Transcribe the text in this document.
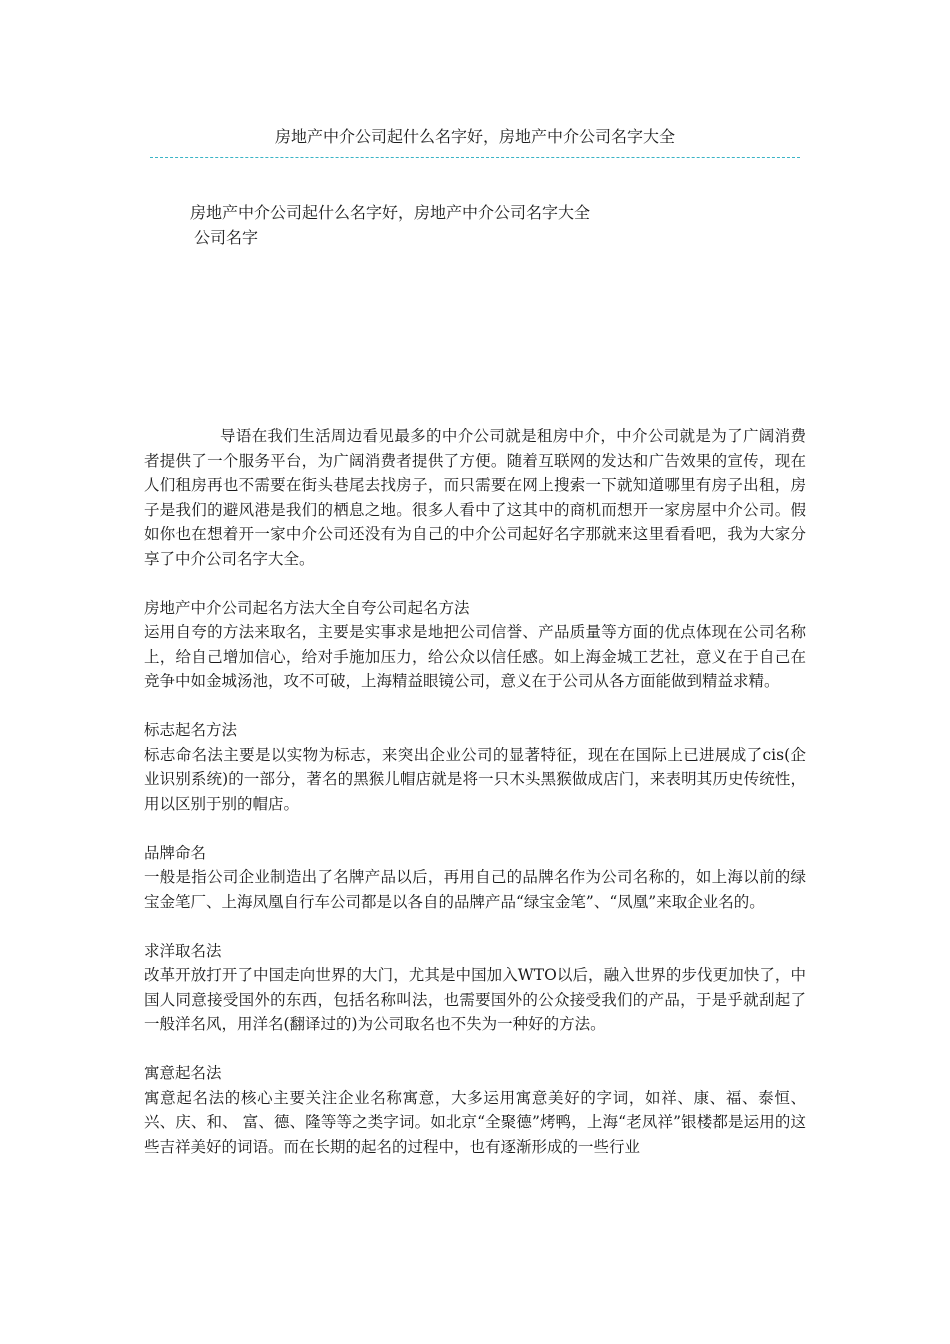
房地产中介公司起什么名字好，房地产中介公司名字大全
房地产中介公司起什么名字好，房地产中介公司名字大全
公司名字

导语在我们生活周边看见最多的中介公司就是租房中介，中介公司就是为了广阔消费者提供了一个服务平台，为广阔消费者提供了方便。随着互联网的发达和广告效果的宣传，现在人们租房再也不需要在街头巷尾去找房子，而只需要在网上搜索一下就知道哪里有房子出租，房子是我们的避风港是我们的栖息之地。很多人看中了这其中的商机而想开一家房屋中介公司。假如你也在想着开一家中介公司还没有为自己的中介公司起好名字那就来这里看看吧，我为大家分享了中介公司名字大全。

房地产中介公司起名方法大全自夸公司起名方法

运用自夸的方法来取名，主要是实事求是地把公司信誉、产品质量等方面的优点体现在公司名称上，给自己增加信心，给对手施加压力，给公众以信任感。如上海金城工艺社，意义在于自己在竞争中如金城汤池，攻不可破，上海精益眼镜公司，意义在于公司从各方面能做到精益求精。

标志起名方法

标志命名法主要是以实物为标志，来突出企业公司的显著特征，现在在国际上已进展成了cis(企业识别系统)的一部分，著名的黑猴儿帽店就是将一只木头黑猴做成店门，来表明其历史传统性，用以区别于别的帽店。

品牌命名

一般是指公司企业制造出了名牌产品以后，再用自己的品牌名作为公司名称的，如上海以前的绿宝金笔厂、上海凤凰自行车公司都是以各自的品牌产品“绿宝金笔”、“凤凰”来取企业名的。

求洋取名法

改革开放打开了中国走向世界的大门，尤其是中国加入WTO以后，融入世界的步伐更加快了，中国人同意接受国外的东西，包括名称叫法，也需要国外的公众接受我们的产品，于是乎就刮起了一般洋名风，用洋名(翻译过的)为公司取名也不失为一种好的方法。

寓意起名法

寓意起名法的核心主要关注企业名称寓意，大多运用寓意美好的字词，如祥、康、福、泰恒、兴、庆、和、 富、德、隆等等之类字词。如北京“全聚德”烤鸭，上海“老凤祥”银楼都是运用的这些吉祥美好的词语。而在长期的起名的过程中，也有逐渐形成的一些行业
